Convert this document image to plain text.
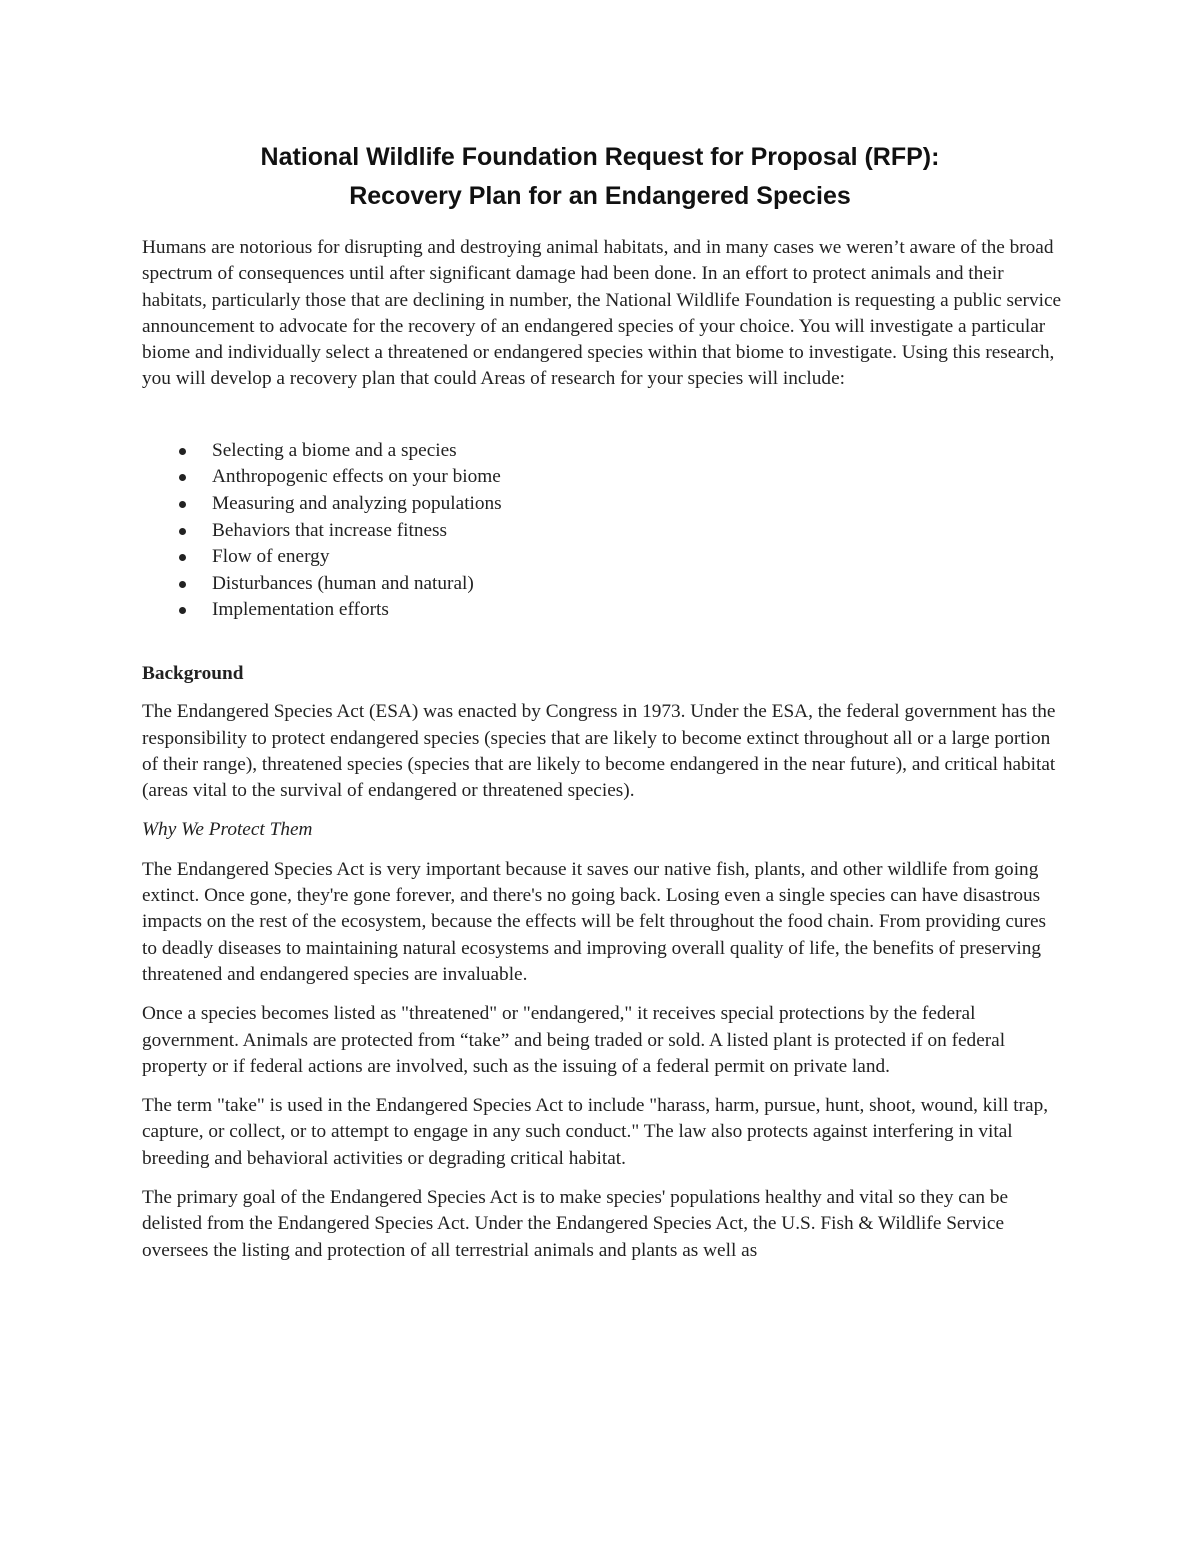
National Wildlife Foundation Request for Proposal (RFP):
Recovery Plan for an Endangered Species

Humans are notorious for disrupting and destroying animal habitats, and in many cases we weren’t aware of the broad spectrum of consequences until after significant damage had been done. In an effort to protect animals and their habitats, particularly those that are declining in number, the National Wildlife Foundation is requesting a public service announcement to advocate for the recovery of an endangered species of your choice. You will investigate a particular biome and individually select a threatened or endangered species within that biome to investigate. Using this research, you will develop a recovery plan that could Areas of research for your species will include:

Selecting a biome and a species
Anthropogenic effects on your biome
Measuring and analyzing populations
Behaviors that increase fitness
Flow of energy
Disturbances (human and natural)
Implementation efforts
Background

The Endangered Species Act (ESA) was enacted by Congress in 1973. Under the ESA, the federal government has the responsibility to protect endangered species (species that are likely to become extinct throughout all or a large portion of their range), threatened species (species that are likely to become endangered in the near future), and critical habitat (areas vital to the survival of endangered or threatened species).

Why We Protect Them

The Endangered Species Act is very important because it saves our native fish, plants, and other wildlife from going extinct. Once gone, they're gone forever, and there's no going back. Losing even a single species can have disastrous impacts on the rest of the ecosystem, because the effects will be felt throughout the food chain. From providing cures to deadly diseases to maintaining natural ecosystems and improving overall quality of life, the benefits of preserving threatened and endangered species are invaluable.

Once a species becomes listed as "threatened" or "endangered," it receives special protections by the federal government. Animals are protected from “take” and being traded or sold. A listed plant is protected if on federal property or if federal actions are involved, such as the issuing of a federal permit on private land.

The term "take" is used in the Endangered Species Act to include "harass, harm, pursue, hunt, shoot, wound, kill trap, capture, or collect, or to attempt to engage in any such conduct." The law also protects against interfering in vital breeding and behavioral activities or degrading critical habitat.

The primary goal of the Endangered Species Act is to make species' populations healthy and vital so they can be delisted from the Endangered Species Act. Under the Endangered Species Act, the U.S. Fish & Wildlife Service oversees the listing and protection of all terrestrial animals and plants as well as
